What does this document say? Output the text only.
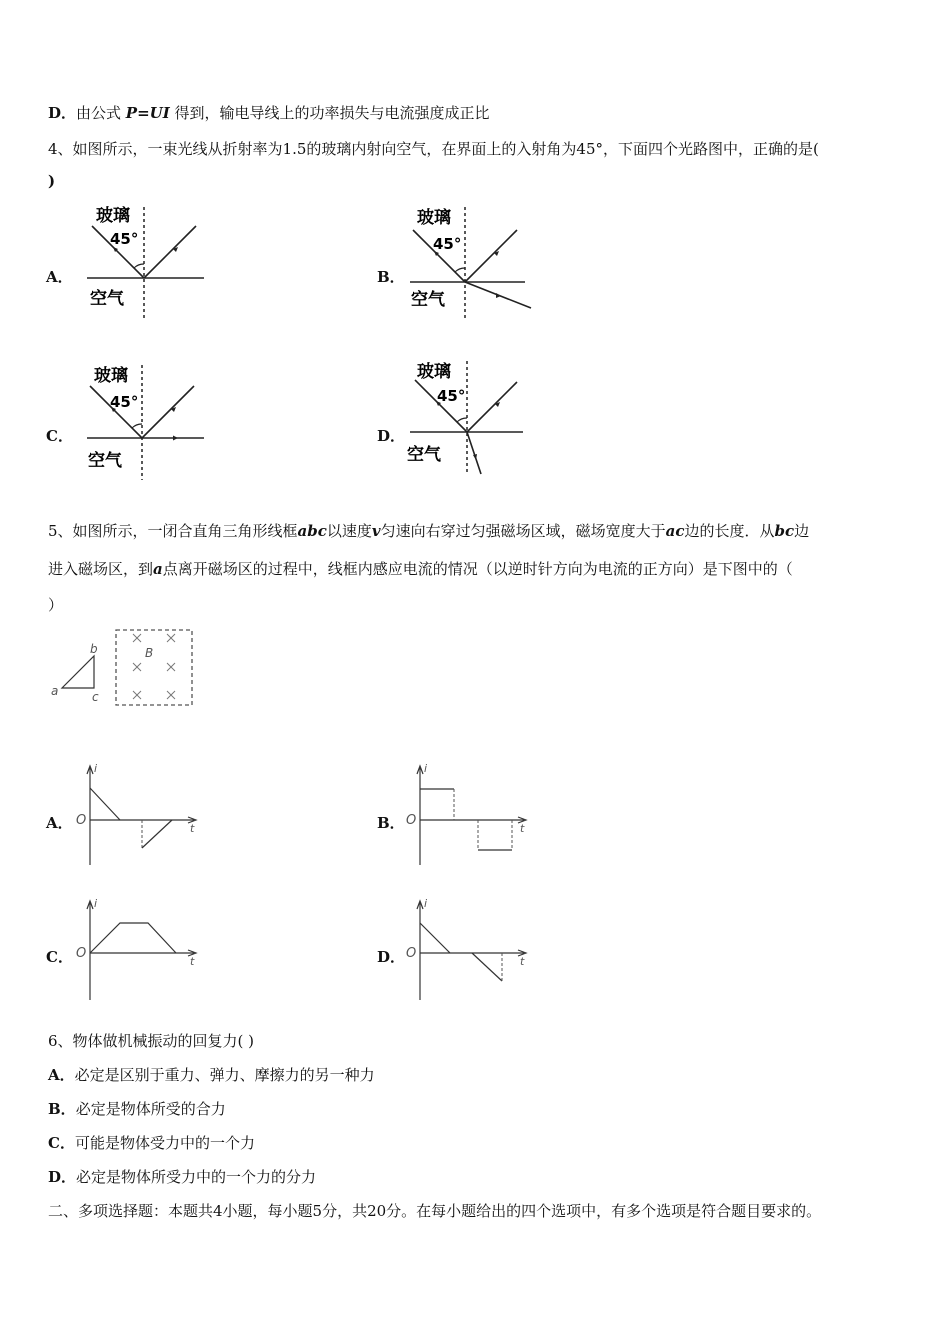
D．由公式 P=UI 得到，输电导线上的功率损失与电流强度成正比
4、如图所示，一束光线从折射率为1.5的玻璃内射向空气，在界面上的入射角为45°，下面四个光路图中，正确的是(
)
A．	B．
C．	D．
玻璃
45°
空气
玻璃
45°
空气
玻璃
45°
空气
玻璃
45°
空气
5、如图所示，一闭合直角三角形线框abc以速度v匀速向右穿过匀强磁场区域，磁场宽度大于ac边的长度．从bc边
进入磁场区，到a点离开磁场区的过程中，线框内感应电流的情况（以逆时针方向为电流的正方向）是下图中的（
）
a
b
c
B
A．	B．
C．	D．
i
t
O
i
t
O
i
t
O
i
t
O
6、物体做机械振动的回复力( )
A．必定是区别于重力、弹力、摩擦力的另一种力
B．必定是物体所受的合力
C．可能是物体受力中的一个力
D．必定是物体所受力中的一个力的分力
二、多项选择题：本题共4小题，每小题5分，共20分。在每小题给出的四个选项中，有多个选项是符合题目要求的。
